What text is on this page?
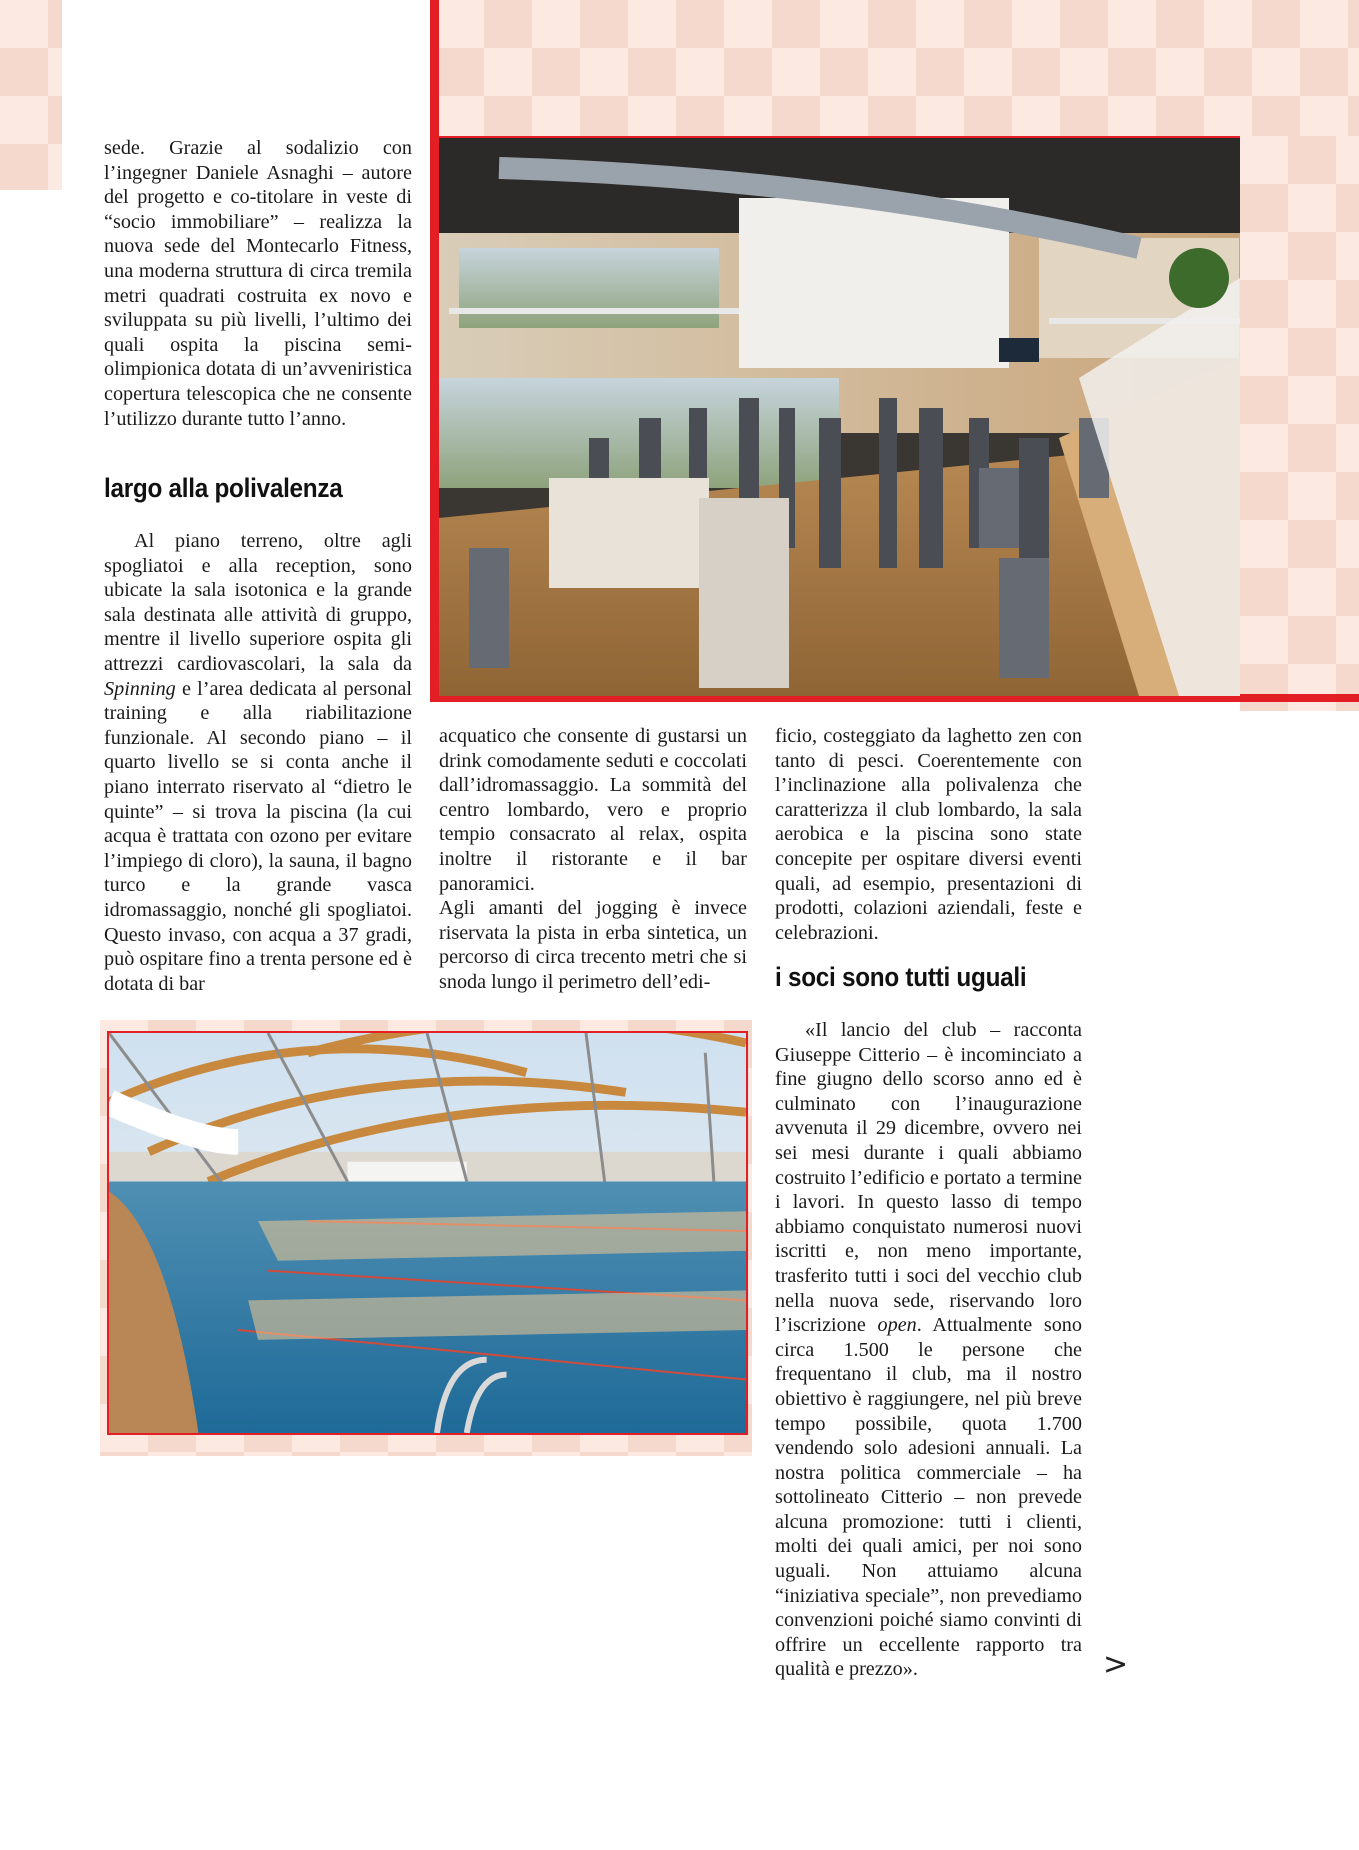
sede. Grazie al sodalizio con l’ingegner Daniele Asnaghi – autore del progetto e co-titolare in veste di “socio immobiliare” – realizza la nuova sede del Montecarlo Fitness, una moderna struttura di circa tremila metri quadrati costruita ex novo e sviluppata su più livelli, l’ultimo dei quali ospita la piscina semi-olimpionica dotata di un’avveniristica copertura telescopica che ne consente l’utilizzo durante tutto l’anno.

largo alla polivalenza

Al piano terreno, oltre agli spogliatoi e alla reception, sono ubicate la sala isotonica e la grande sala destinata alle attività di gruppo, mentre il livello superiore ospita gli attrezzi cardiovascolari, la sala da Spinning e l’area dedicata al personal training e alla riabilitazione funzionale. Al secondo piano – il quarto livello se si conta anche il piano interrato riservato al “dietro le quinte” – si trova la piscina (la cui acqua è trattata con ozono per evitare l’impiego di cloro), la sauna, il bagno turco e la grande vasca idromassaggio, nonché gli spogliatoi. Questo invaso, con acqua a 37 gradi, può ospitare fino a trenta persone ed è dotata di bar

acquatico che consente di gustarsi un drink comodamente seduti e coccolati dall’idromassaggio. La sommità del centro lombardo, vero e proprio tempio consacrato al relax, ospita inoltre il ristorante e il bar panoramici.

Agli amanti del jogging è invece riservata la pista in erba sintetica, un percorso di circa trecento metri che si snoda lungo il perimetro dell’edi-

ficio, costeggiato da laghetto zen con tanto di pesci. Coerentemente con l’inclinazione alla polivalenza che caratterizza il club lombardo, la sala aerobica e la piscina sono state concepite per ospitare diversi eventi quali, ad esempio, presentazioni di prodotti, colazioni aziendali, feste e celebrazioni.

i soci sono tutti uguali

«Il lancio del club – racconta Giuseppe Citterio – è incominciato a fine giugno dello scorso anno ed è culminato con l’inaugurazione avvenuta il 29 dicembre, ovvero nei sei mesi durante i quali abbiamo costruito l’edificio e portato a termine i lavori. In questo lasso di tempo abbiamo conquistato numerosi nuovi iscritti e, non meno importante, trasferito tutti i soci del vecchio club nella nuova sede, riservando loro l’iscrizione open. Attualmente sono circa 1.500 le persone che frequentano il club, ma il nostro obiettivo è raggiungere, nel più breve tempo possibile, quota 1.700 vendendo solo adesioni annuali. La nostra politica commerciale – ha sottolineato Citterio – non prevede alcuna promozione: tutti i clienti, molti dei quali amici, per noi sono uguali. Non attuiamo alcuna “iniziativa speciale”, non prevediamo convenzioni poiché siamo convinti di offrire un eccellente rapporto tra qualità e prezzo».	>
